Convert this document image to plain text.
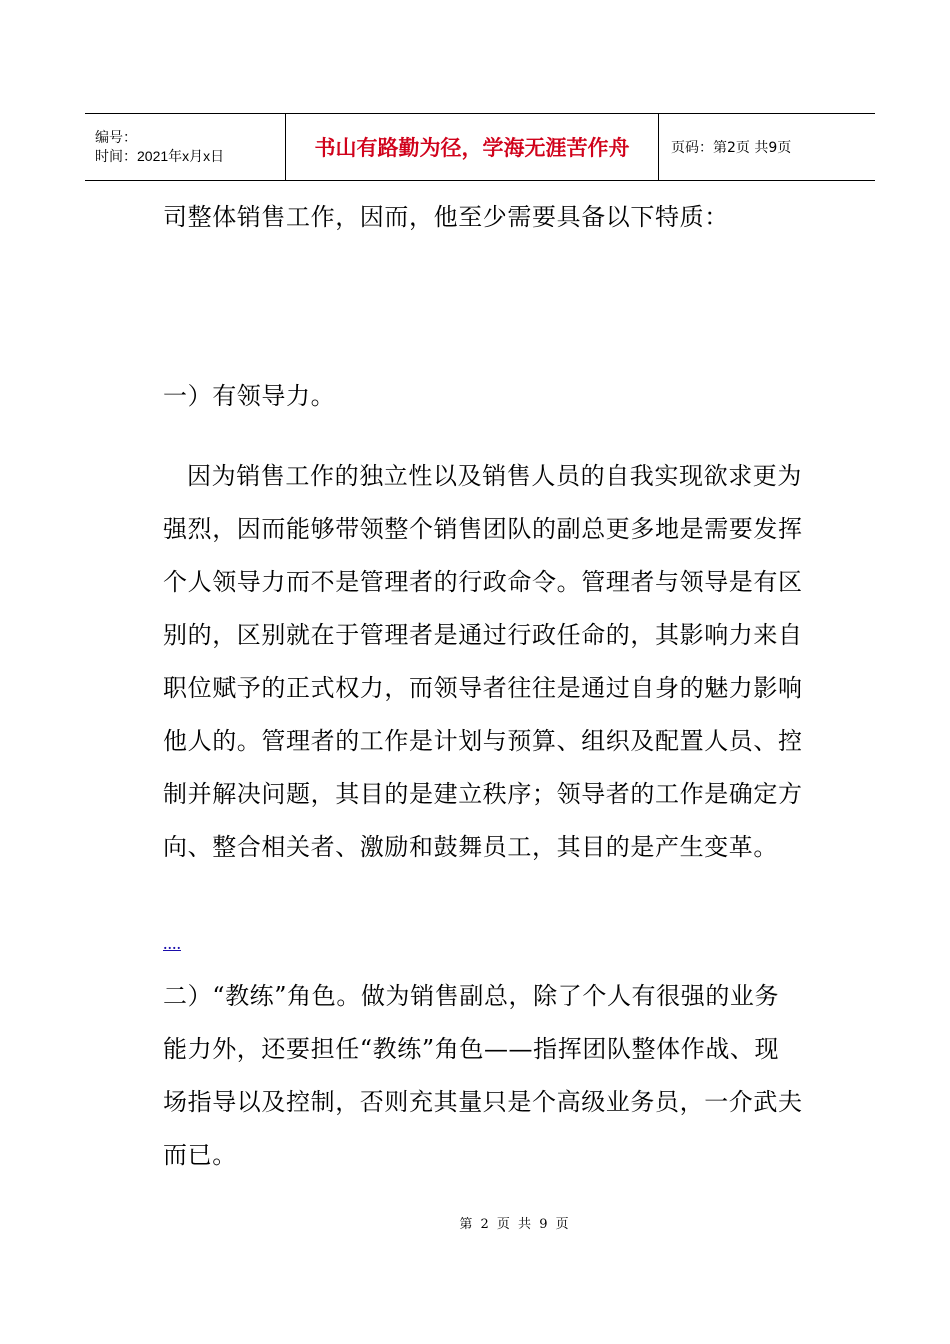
编号：
时间：2021年x月x日	书山有路勤为径，学海无涯苦作舟	页码：第2页 共9页

司整体销售工作，因而，他至少需要具备以下特质：

一）有领导力。

因为销售工作的独立性以及销售人员的自我实现欲求更为强烈，因而能够带领整个销售团队的副总更多地是需要发挥个人领导力而不是管理者的行政命令。管理者与领导是有区别的，区别就在于管理者是通过行政任命的，其影响力来自职位赋予的正式权力，而领导者往往是通过自身的魅力影响他人的。管理者的工作是计划与预算、组织及配置人员、控制并解决问题，其目的是建立秩序；领导者的工作是确定方向、整合相关者、激励和鼓舞员工，其目的是产生变革。

....

二）“教练”角色。做为销售副总，除了个人有很强的业务能力外，还要担任“教练”角色——指挥团队整体作战、现场指导以及控制，否则充其量只是个高级业务员，一介武夫而已。

第 2 页 共 9 页
